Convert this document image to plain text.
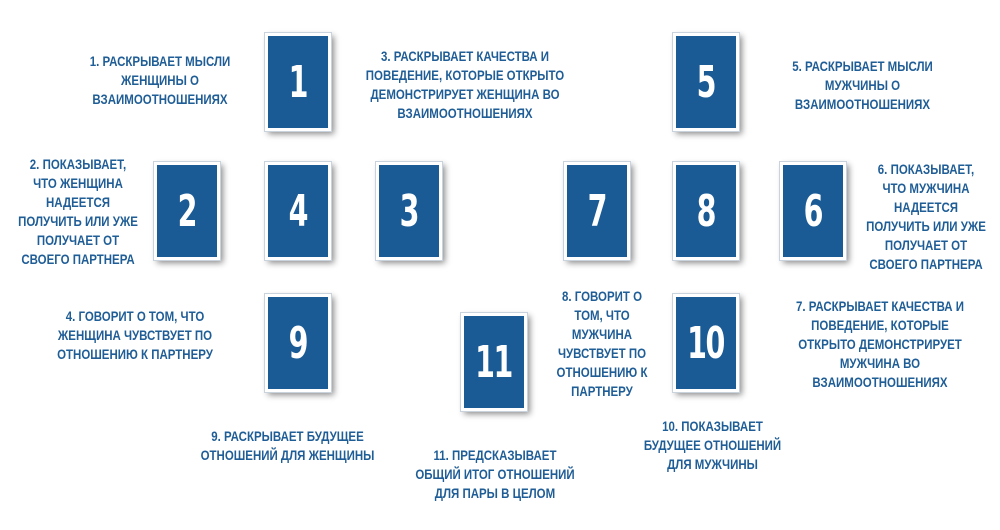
1	5
2 4 3	7 8 6
9	11	10
1. РАСКРЫВАЕТ МЫСЛИ ЖЕНЩИНЫ О ВЗАИМООТНОШЕНИЯХ
3. РАСКРЫВАЕТ КАЧЕСТВА И ПОВЕДЕНИЕ, КОТОРЫЕ ОТКРЫТО ДЕМОНСТРИРУЕТ ЖЕНЩИНА ВО ВЗАИМООТНОШЕНИЯХ
5. РАСКРЫВАЕТ МЫСЛИ МУЖЧИНЫ О ВЗАИМООТНОШЕНИЯХ
2. ПОКАЗЫВАЕТ, ЧТО ЖЕНЩИНА НАДЕЕТСЯ ПОЛУЧИТЬ ИЛИ УЖЕ ПОЛУЧАЕТ ОТ СВОЕГО ПАРТНЕРА
6. ПОКАЗЫВАЕТ, ЧТО МУЖЧИНА НАДЕЕТСЯ ПОЛУЧИТЬ ИЛИ УЖЕ ПОЛУЧАЕТ ОТ СВОЕГО ПАРТНЕРА
4. ГОВОРИТ О ТОМ, ЧТО ЖЕНЩИНА ЧУВСТВУЕТ ПО ОТНОШЕНИЮ К ПАРТНЕРУ
8. ГОВОРИТ О ТОМ, ЧТО МУЖЧИНА ЧУВСТВУЕТ ПО ОТНОШЕНИЮ К ПАРТНЕРУ
7. РАСКРЫВАЕТ КАЧЕСТВА И ПОВЕДЕНИЕ, КОТОРЫЕ ОТКРЫТО ДЕМОНСТРИРУЕТ МУЖЧИНА ВО ВЗАИМООТНОШЕНИЯХ
9. РАСКРЫВАЕТ БУДУЩЕЕ ОТНОШЕНИЙ ДЛЯ ЖЕНЩИНЫ
10. ПОКАЗЫВАЕТ БУДУЩЕЕ ОТНОШЕНИЙ ДЛЯ МУЖЧИНЫ
11. ПРЕДСКАЗЫВАЕТ ОБЩИЙ ИТОГ ОТНОШЕНИЙ ДЛЯ ПАРЫ В ЦЕЛОМ
